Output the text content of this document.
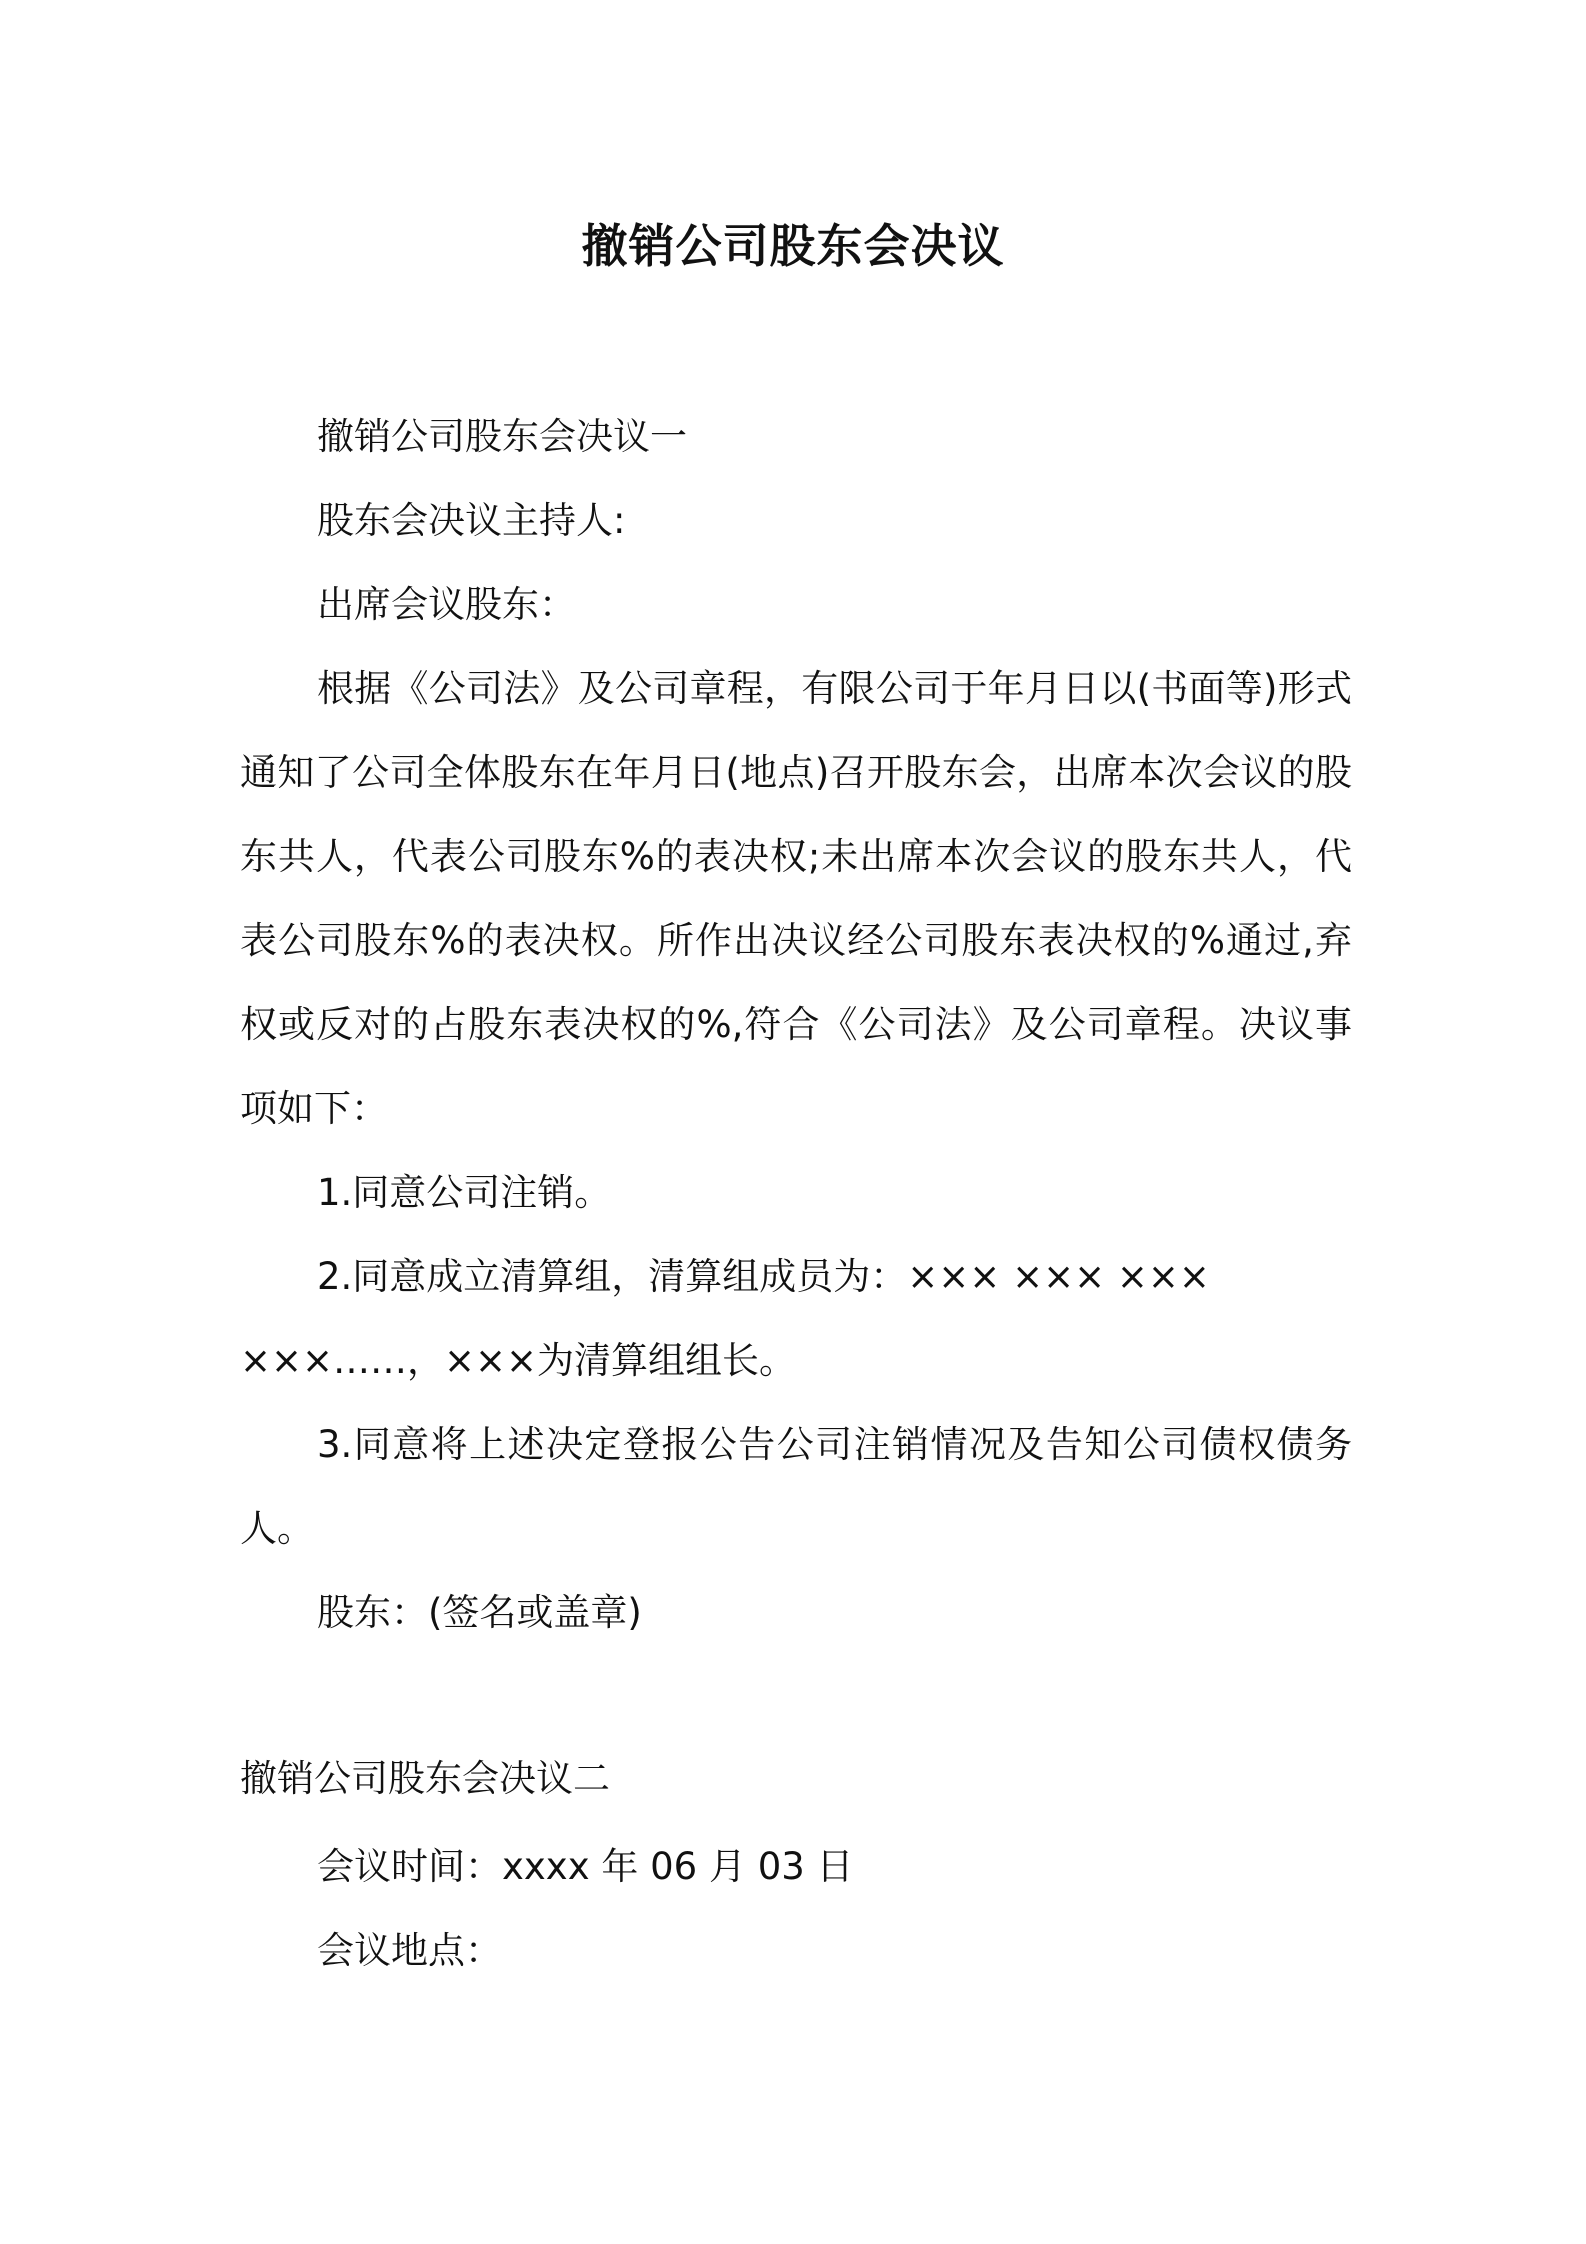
撤销公司股东会决议
撤销公司股东会决议一
股东会决议主持人:
出席会议股东：
根据《公司法》及公司章程，有限公司于年月日以(书面等)形式
通知了公司全体股东在年月日(地点)召开股东会，出席本次会议的股
东共人，代表公司股东%的表决权;未出席本次会议的股东共人，代
表公司股东%的表决权。所作出决议经公司股东表决权的%通过,弃
权或反对的占股东表决权的%,符合《公司法》及公司章程。决议事
项如下：
1.同意公司注销。
2.同意成立清算组，清算组成员为：××× ××× ×××
×××……，×××为清算组组长。
3.同意将上述决定登报公告公司注销情况及告知公司债权债务
人。
股东：(签名或盖章)
撤销公司股东会决议二
会议时间：xxxx 年 06 月 03 日
会议地点：
